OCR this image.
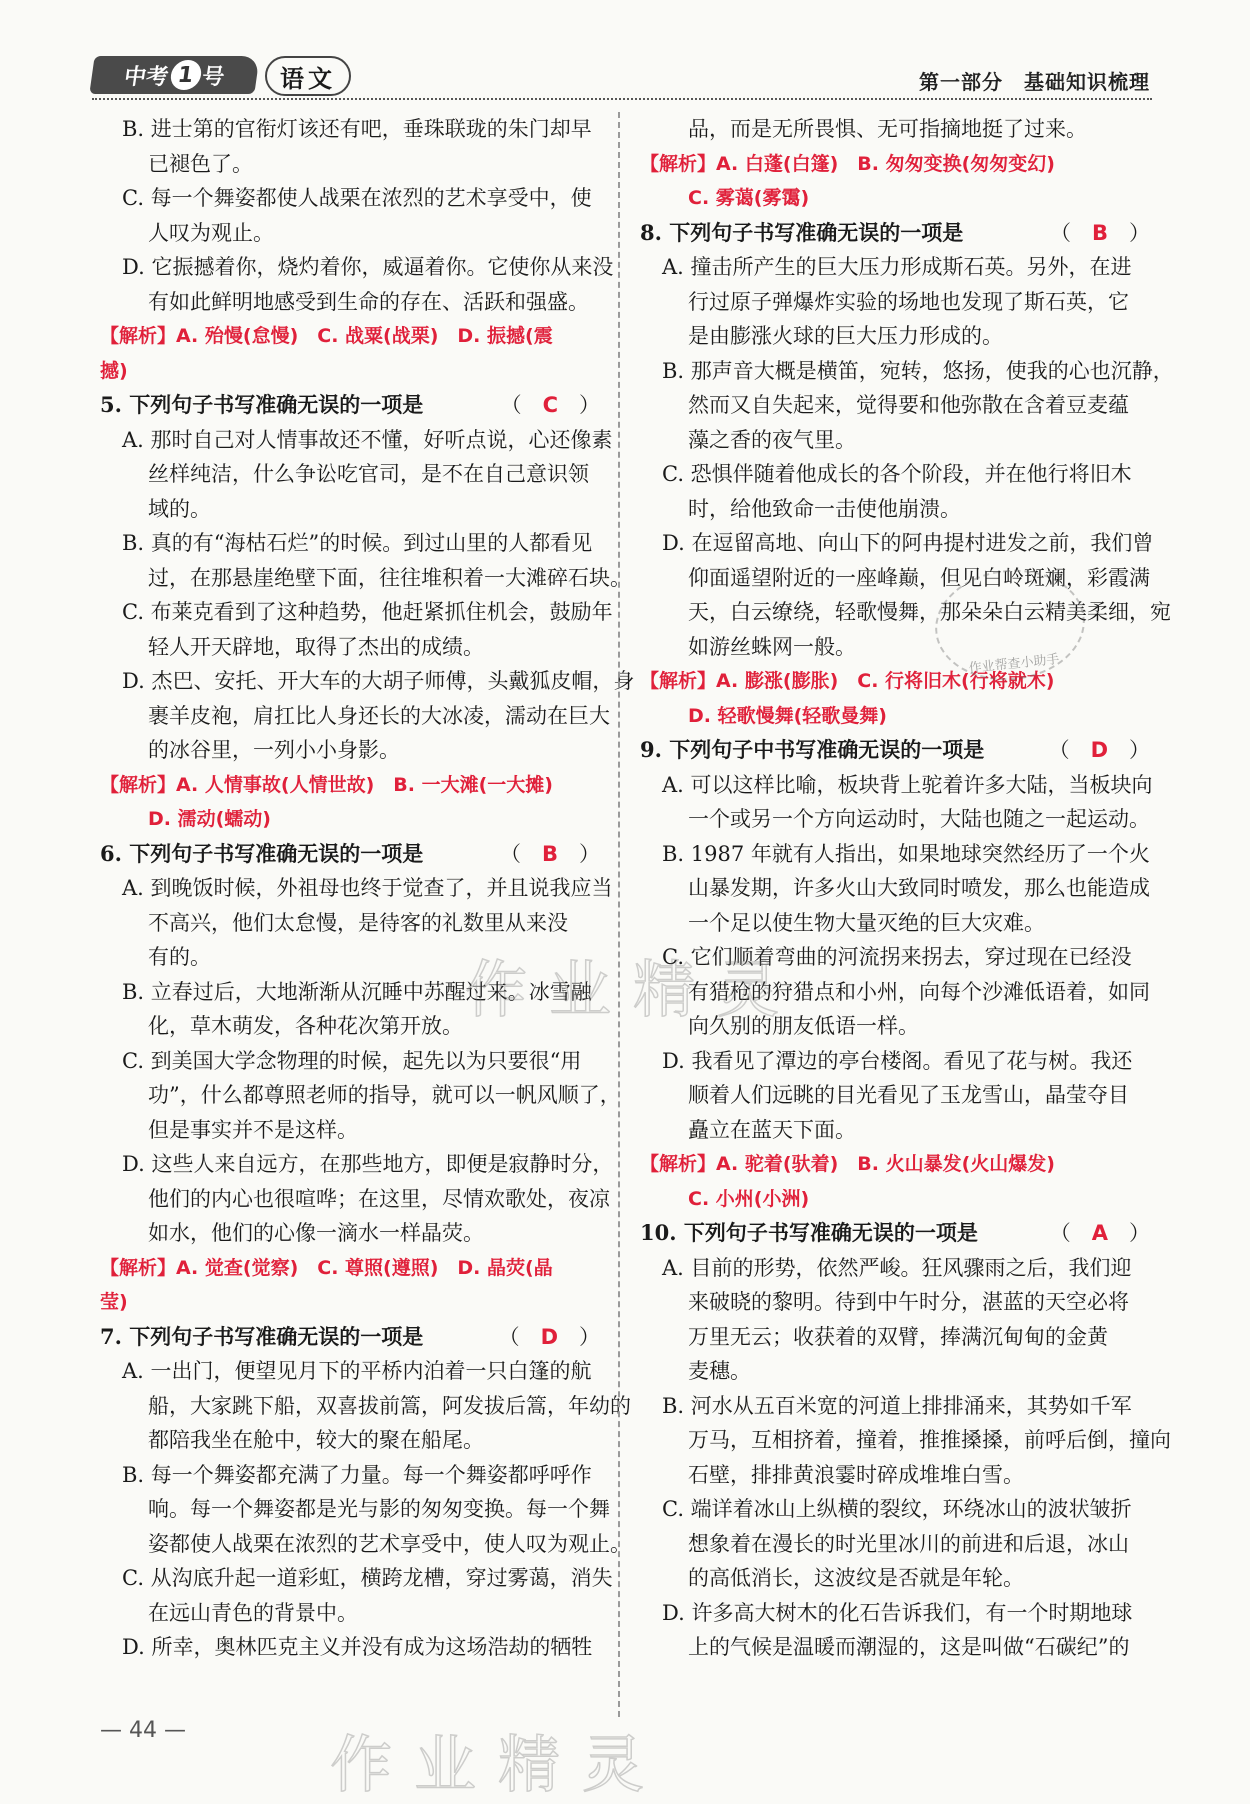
中考 1 号	语文	第一部分　基础知识梳理
B. 进士第的官衔灯该还有吧，垂珠联珑的朱门却早
已褪色了。
C. 每一个舞姿都使人战栗在浓烈的艺术享受中，使
人叹为观止。
D. 它振撼着你，烧灼着你，威逼着你。它使你从来没
有如此鲜明地感受到生命的存在、活跃和强盛。
【解析】A. 殆慢(怠慢)　C. 战粟(战栗)　D. 振撼(震
撼)
5. 下列句子书写准确无误的一项是	（　C　）
A. 那时自己对人情事故还不懂，好听点说，心还像素
丝样纯洁，什么争讼吃官司，是不在自己意识领
域的。
B. 真的有“海枯石烂”的时候。到过山里的人都看见
过，在那悬崖绝壁下面，往往堆积着一大滩碎石块。
C. 布莱克看到了这种趋势，他赶紧抓住机会，鼓励年
轻人开天辟地，取得了杰出的成绩。
D. 杰巴、安托、开大车的大胡子师傅，头戴狐皮帽，身
裹羊皮袍，肩扛比人身还长的大冰凌，濡动在巨大
的冰谷里，一列小小身影。
【解析】A. 人情事故(人情世故)　B. 一大滩(一大摊)
D. 濡动(蠕动)
6. 下列句子书写准确无误的一项是	（　B　）
A. 到晚饭时候，外祖母也终于觉查了，并且说我应当
不高兴，他们太怠慢，是待客的礼数里从来没
有的。
B. 立春过后，大地渐渐从沉睡中苏醒过来。冰雪融
化，草木萌发，各种花次第开放。
C. 到美国大学念物理的时候，起先以为只要很“用
功”，什么都尊照老师的指导，就可以一帆风顺了，
但是事实并不是这样。
D. 这些人来自远方，在那些地方，即便是寂静时分，
他们的内心也很喧哗；在这里，尽情欢歌处，夜凉
如水，他们的心像一滴水一样晶荧。
【解析】A. 觉查(觉察)　C. 尊照(遵照)　D. 晶荧(晶
莹)
7. 下列句子书写准确无误的一项是	（　D　）
A. 一出门，便望见月下的平桥内泊着一只白篷的航
船，大家跳下船，双喜拔前篙，阿发拔后篙，年幼的
都陪我坐在舱中，较大的聚在船尾。
B. 每一个舞姿都充满了力量。每一个舞姿都呼呼作
响。每一个舞姿都是光与影的匆匆变换。每一个舞
姿都使人战栗在浓烈的艺术享受中，使人叹为观止。
C. 从沟底升起一道彩虹，横跨龙槽，穿过雾蔼，消失
在远山青色的背景中。
D. 所幸，奥林匹克主义并没有成为这场浩劫的牺牲
品，而是无所畏惧、无可指摘地挺了过来。
【解析】A. 白蓬(白篷)　B. 匆匆变换(匆匆变幻)
C. 雾蔼(雾霭)
8. 下列句子书写准确无误的一项是	（　B　）
A. 撞击所产生的巨大压力形成斯石英。另外，在进
行过原子弹爆炸实验的场地也发现了斯石英，它
是由膨涨火球的巨大压力形成的。
B. 那声音大概是横笛，宛转，悠扬，使我的心也沉静，
然而又自失起来，觉得要和他弥散在含着豆麦蕴
藻之香的夜气里。
C. 恐惧伴随着他成长的各个阶段，并在他行将旧木
时，给他致命一击使他崩溃。
D. 在逗留高地、向山下的阿冉提村进发之前，我们曾
仰面遥望附近的一座峰巅，但见白岭斑斓，彩霞满
天，白云缭绕，轻歌慢舞，那朵朵白云精美柔细，宛
如游丝蛛网一般。
【解析】A. 膨涨(膨胀)　C. 行将旧木(行将就木)
D. 轻歌慢舞(轻歌曼舞)
9. 下列句子中书写准确无误的一项是	（　D　）
A. 可以这样比喻，板块背上驼着许多大陆，当板块向
一个或另一个方向运动时，大陆也随之一起运动。
B. 1987 年就有人指出，如果地球突然经历了一个火
山暴发期，许多火山大致同时喷发，那么也能造成
一个足以使生物大量灭绝的巨大灾难。
C. 它们顺着弯曲的河流拐来拐去，穿过现在已经没
有猎枪的狩猎点和小州，向每个沙滩低语着，如同
向久别的朋友低语一样。
D. 我看见了潭边的亭台楼阁。看见了花与树。我还
顺着人们远眺的目光看见了玉龙雪山，晶莹夺目
矗立在蓝天下面。
【解析】A. 驼着(驮着)　B. 火山暴发(火山爆发)
C. 小州(小洲)
10. 下列句子书写准确无误的一项是	（　A　）
A. 目前的形势，依然严峻。狂风骤雨之后，我们迎
来破晓的黎明。待到中午时分，湛蓝的天空必将
万里无云；收获着的双臂，捧满沉甸甸的金黄
麦穗。
B. 河水从五百米宽的河道上排排涌来，其势如千军
万马，互相挤着，撞着，推推搡搡，前呼后倒，撞向
石壁，排排黄浪霎时碎成堆堆白雪。
C. 端详着冰山上纵横的裂纹，环绕冰山的波状皱折
想象着在漫长的时光里冰川的前进和后退，冰山
的高低消长，这波纹是否就是年轮。
D. 许多高大树木的化石告诉我们，有一个时期地球
上的气候是温暖而潮湿的，这是叫做“石碳纪”的
作业精灵
作业精灵
作业帮查小助手
— 44 —
